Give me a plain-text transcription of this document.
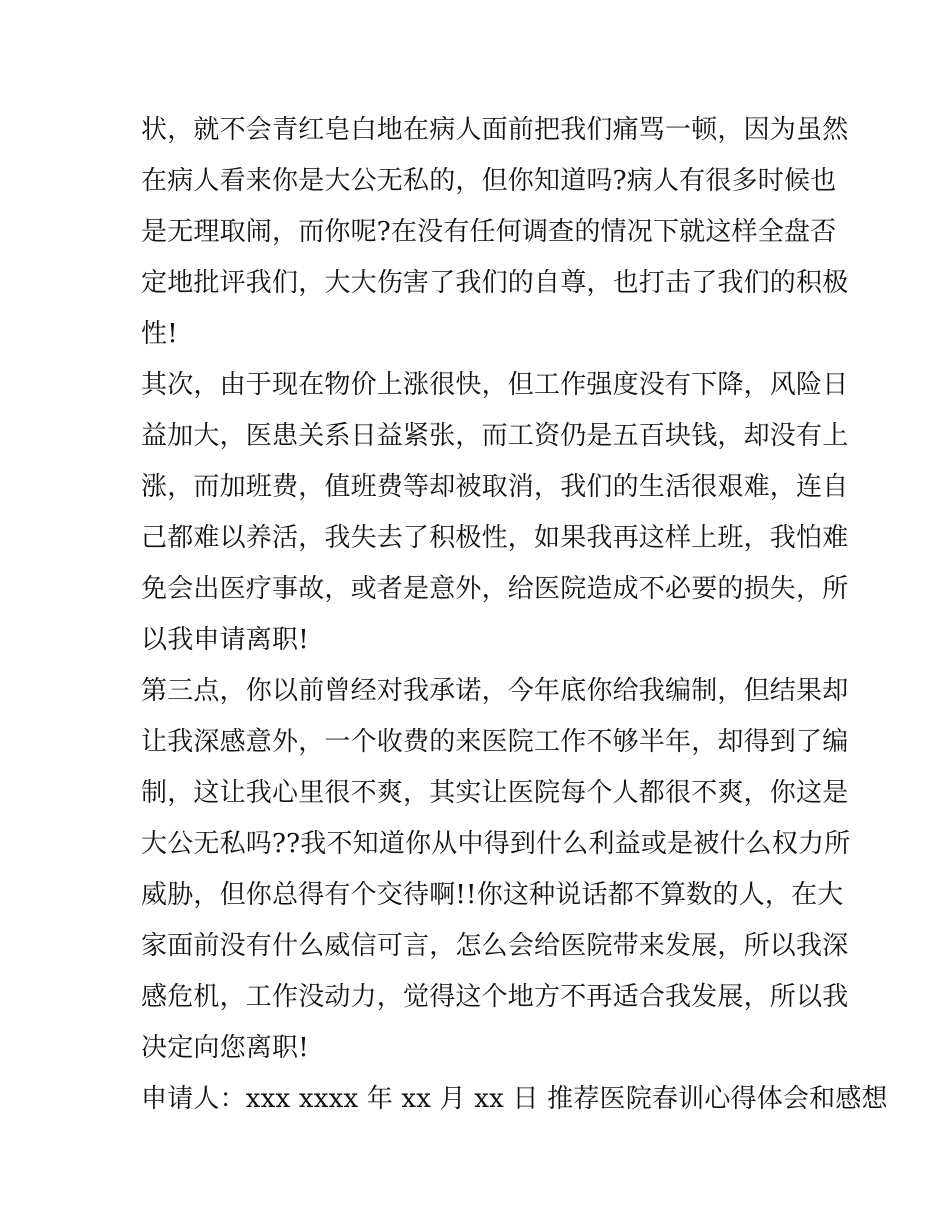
状，就不会青红皂白地在病人面前把我们痛骂一顿，因为虽然
在病人看来你是大公无私的，但你知道吗?病人有很多时候也
是无理取闹，而你呢?在没有任何调查的情况下就这样全盘否
定地批评我们，大大伤害了我们的自尊，也打击了我们的积极
性!
其次，由于现在物价上涨很快，但工作强度没有下降，风险日
益加大，医患关系日益紧张，而工资仍是五百块钱，却没有上
涨，而加班费，值班费等却被取消，我们的生活很艰难，连自
己都难以养活，我失去了积极性，如果我再这样上班，我怕难
免会出医疗事故，或者是意外，给医院造成不必要的损失，所
以我申请离职!
第三点，你以前曾经对我承诺，今年底你给我编制，但结果却
让我深感意外，一个收费的来医院工作不够半年，却得到了编
制，这让我心里很不爽，其实让医院每个人都很不爽，你这是
大公无私吗??我不知道你从中得到什么利益或是被什么权力所
威胁，但你总得有个交待啊!!你这种说话都不算数的人，在大
家面前没有什么威信可言，怎么会给医院带来发展，所以我深
感危机，工作没动力，觉得这个地方不再适合我发展，所以我
决定向您离职!
申请人：xxx xxxx 年 xx 月 xx 日 推荐医院春训心得体会和感想
